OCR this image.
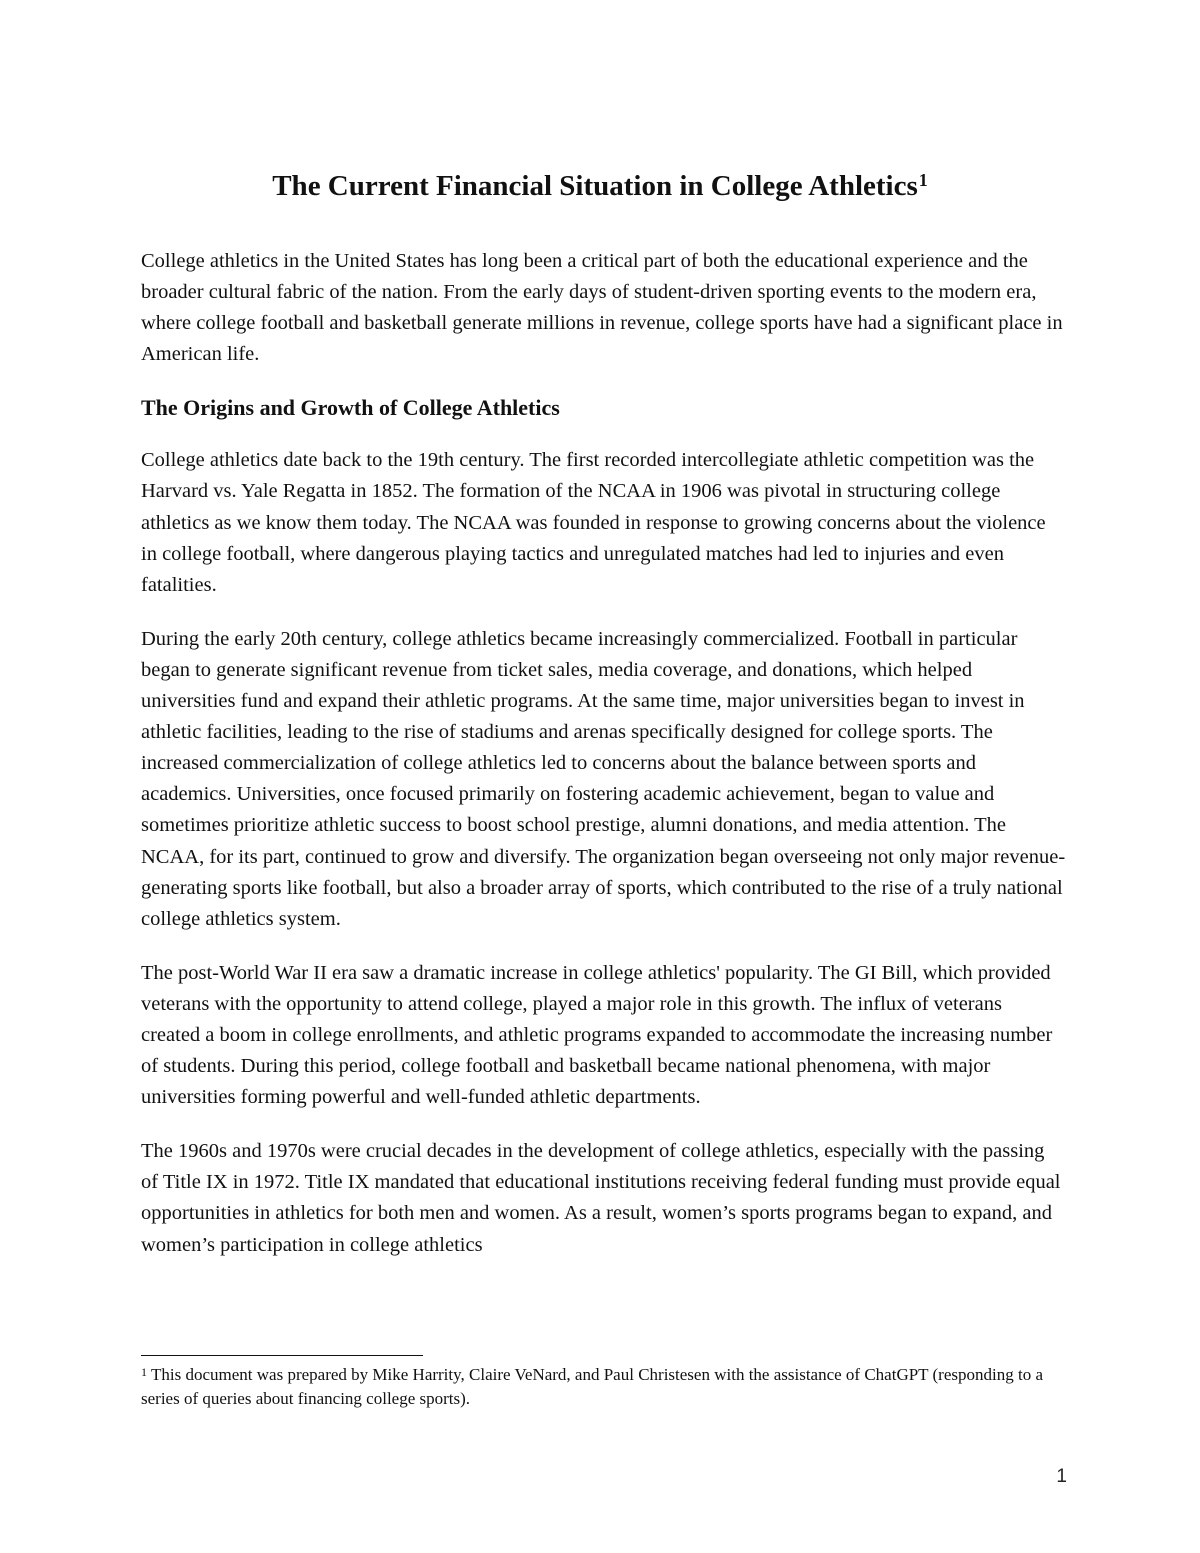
The Current Financial Situation in College Athletics$^1$

College athletics in the United States has long been a critical part of both the educational experience and the broader cultural fabric of the nation. From the early days of student-driven sporting events to the modern era, where college football and basketball generate millions in revenue, college sports have had a significant place in American life.

The Origins and Growth of College Athletics

College athletics date back to the 19th century. The first recorded intercollegiate athletic competition was the Harvard vs. Yale Regatta in 1852. The formation of the NCAA in 1906 was pivotal in structuring college athletics as we know them today. The NCAA was founded in response to growing concerns about the violence in college football, where dangerous playing tactics and unregulated matches had led to injuries and even fatalities.

During the early 20th century, college athletics became increasingly commercialized. Football in particular began to generate significant revenue from ticket sales, media coverage, and donations, which helped universities fund and expand their athletic programs. At the same time, major universities began to invest in athletic facilities, leading to the rise of stadiums and arenas specifically designed for college sports. The increased commercialization of college athletics led to concerns about the balance between sports and academics. Universities, once focused primarily on fostering academic achievement, began to value and sometimes prioritize athletic success to boost school prestige, alumni donations, and media attention. The NCAA, for its part, continued to grow and diversify. The organization began overseeing not only major revenue-generating sports like football, but also a broader array of sports, which contributed to the rise of a truly national college athletics system.

The post-World War II era saw a dramatic increase in college athletics' popularity. The GI Bill, which provided veterans with the opportunity to attend college, played a major role in this growth. The influx of veterans created a boom in college enrollments, and athletic programs expanded to accommodate the increasing number of students. During this period, college football and basketball became national phenomena, with major universities forming powerful and well-funded athletic departments.

The 1960s and 1970s were crucial decades in the development of college athletics, especially with the passing of Title IX in 1972. Title IX mandated that educational institutions receiving federal funding must provide equal opportunities in athletics for both men and women. As a result, women’s sports programs began to expand, and women’s participation in college athletics

$^1$ This document was prepared by Mike Harrity, Claire VeNard, and Paul Christesen with the assistance of ChatGPT (responding to a series of queries about financing college sports).
1
